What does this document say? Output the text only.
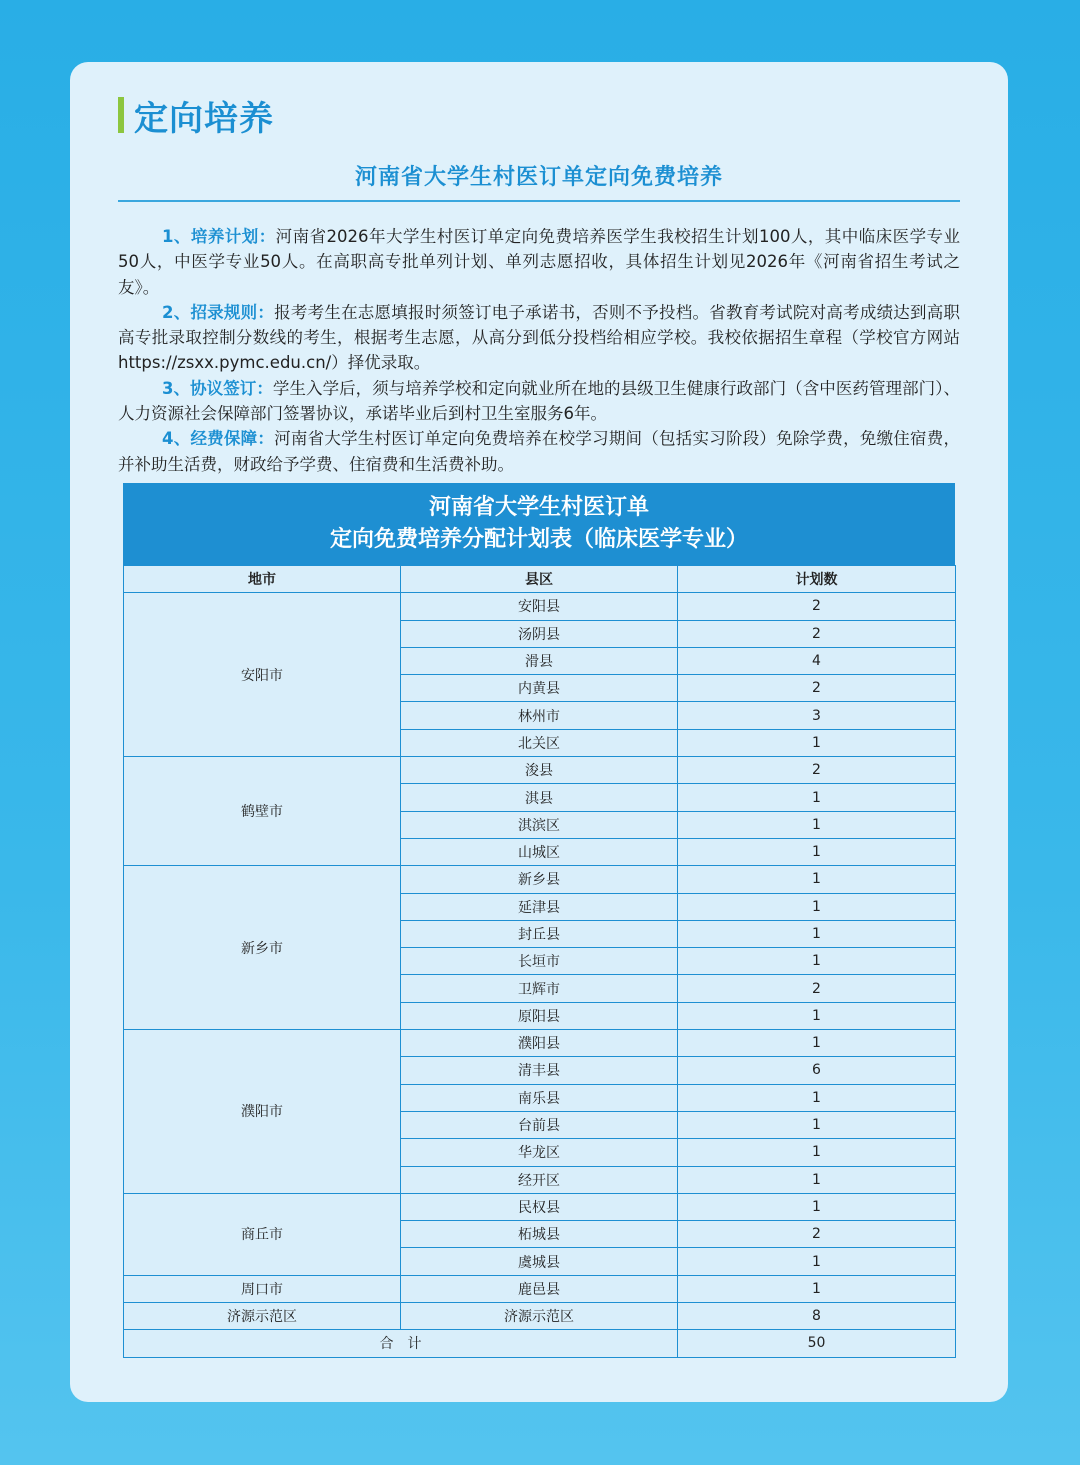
定向培养
河南省大学生村医订单定向免费培养

1、培养计划：河南省2026年大学生村医订单定向免费培养医学生我校招生计划100人，其中临床医学专业50人，中医学专业50人。在高职高专批单列计划、单列志愿招收，具体招生计划见2026年《河南省招生考试之友》。

2、招录规则：报考考生在志愿填报时须签订电子承诺书，否则不予投档。省教育考试院对高考成绩达到高职高专批录取控制分数线的考生，根据考生志愿，从高分到低分投档给相应学校。我校依据招生章程（学校官方网站https://zsxx.pymc.edu.cn/）择优录取。

3、协议签订：学生入学后，须与培养学校和定向就业所在地的县级卫生健康行政部门（含中医药管理部门）、人力资源社会保障部门签署协议，承诺毕业后到村卫生室服务6年。

4、经费保障：河南省大学生村医订单定向免费培养在校学习期间（包括实习阶段）免除学费，免缴住宿费，并补助生活费，财政给予学费、住宿费和生活费补助。

河南省大学生村医订单
定向免费培养分配计划表（临床医学专业）
地市	县区	计划数
安阳市	安阳县	2
	汤阴县	2
	滑县	4
	内黄县	2
	林州市	3
	北关区	1
鹤壁市	浚县	2
	淇县	1
	淇滨区	1
	山城区	1
新乡市	新乡县	1
	延津县	1
	封丘县	1
	长垣市	1
	卫辉市	2
	原阳县	1
濮阳市	濮阳县	1
	清丰县	6
	南乐县	1
	台前县	1
	华龙区	1
	经开区	1
商丘市	民权县	1
	柘城县	2
	虞城县	1
周口市	鹿邑县	1
济源示范区	济源示范区	8
合　计		50
